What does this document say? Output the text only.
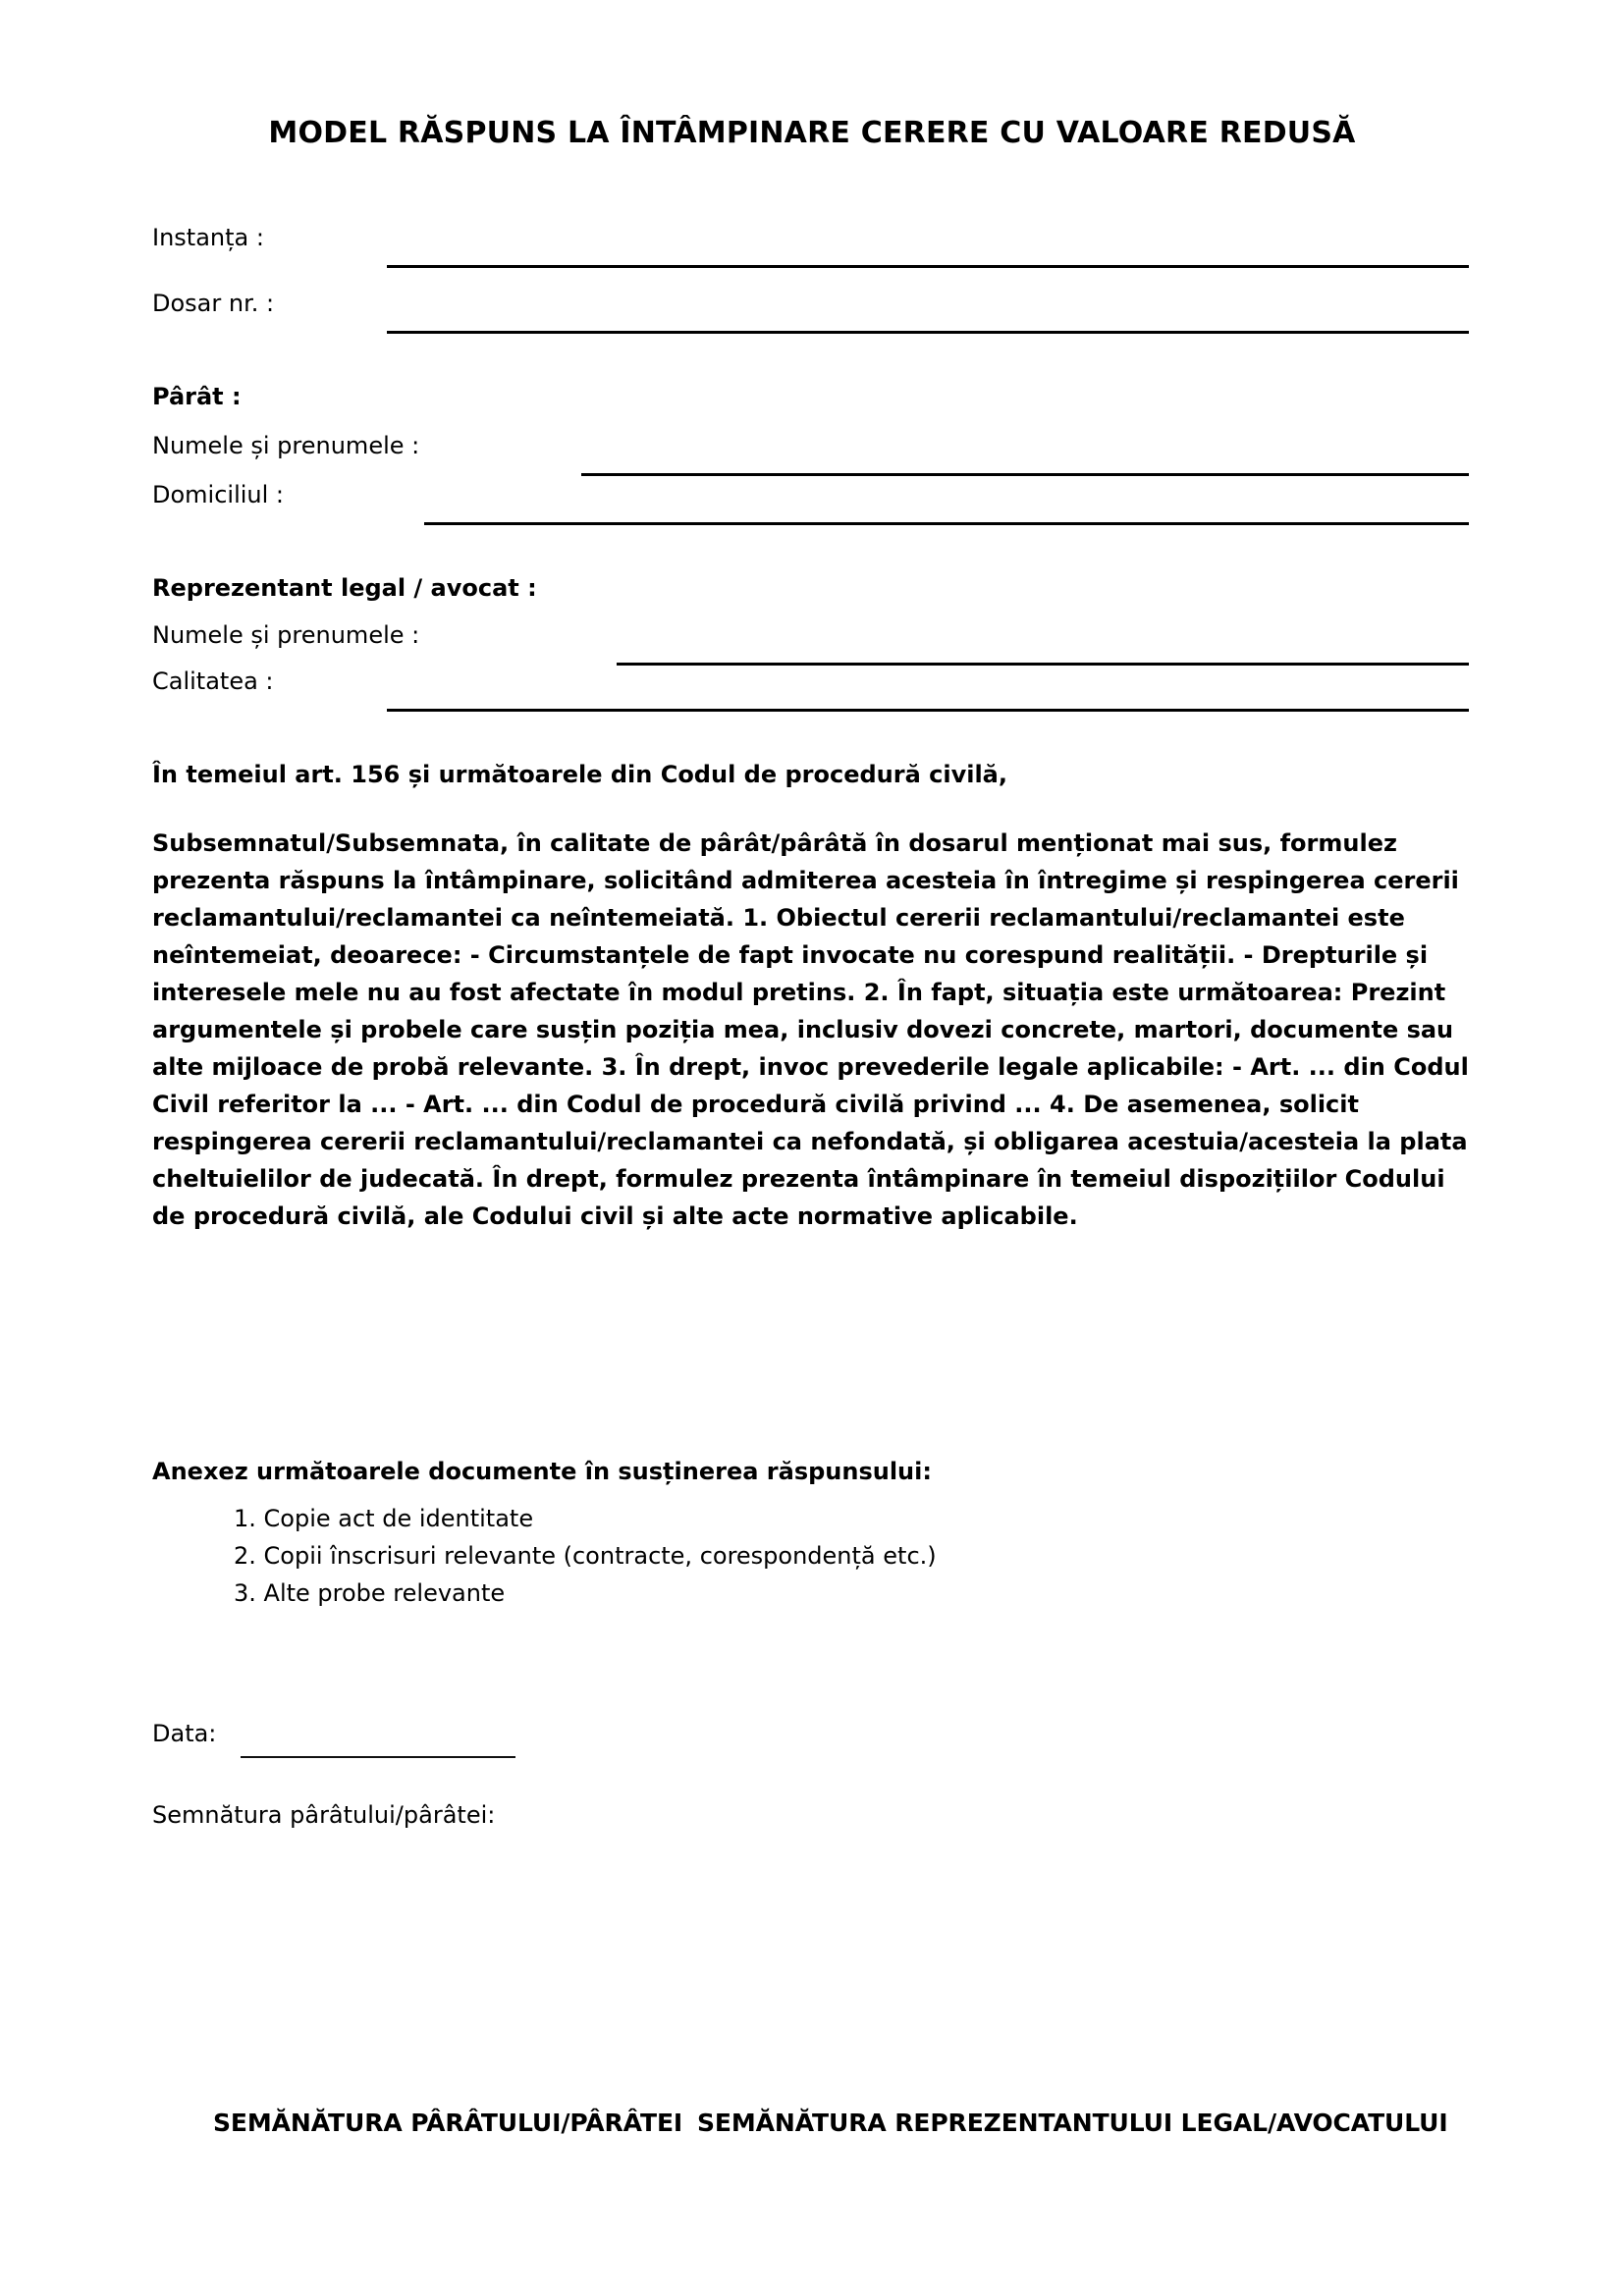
MODEL RĂSPUNS LA ÎNTÂMPINARE CERERE CU VALOARE REDUSĂ
Instanța :
Dosar nr. :
Pârât :
Numele și prenumele :
Domiciliul :
Reprezentant legal / avocat :
Numele și prenumele :
Calitatea :
În temeiul art. 156 și următoarele din Codul de procedură civilă,
Subsemnatul/Subsemnata, în calitate de pârât/pârâtă în dosarul menționat mai sus, formulez prezenta răspuns la întâmpinare, solicitând admiterea acesteia în întregime și respingerea cererii reclamantului/reclamantei ca neîntemeiată. 1. Obiectul cererii reclamantului/reclamantei este neîntemeiat, deoarece: - Circumstanțele de fapt invocate nu corespund realității. - Drepturile și interesele mele nu au fost afectate în modul pretins. 2. În fapt, situația este următoarea: Prezint argumentele și probele care susțin poziția mea, inclusiv dovezi concrete, martori, documente sau alte mijloace de probă relevante. 3. În drept, invoc prevederile legale aplicabile: - Art. ... din Codul Civil referitor la ... - Art. ... din Codul de procedură civilă privind ... 4. De asemenea, solicit respingerea cererii reclamantului/reclamantei ca nefondată, și obligarea acestuia/acesteia la plata cheltuielilor de judecată. În drept, formulez prezenta întâmpinare în temeiul dispozițiilor Codului de procedură civilă, ale Codului civil și alte acte normative aplicabile.
Anexez următoarele documente în susținerea răspunsului:
1. Copie act de identitate
2. Copii înscrisuri relevante (contracte, corespondență etc.)
3. Alte probe relevante
Data:
Semnătura pârâtului/pârâtei:
SEMĂNĂTURA PÂRÂTULUI/PÂRÂTEI SEMĂNĂTURA REPREZENTANTULUI LEGAL/AVOCATULUI
